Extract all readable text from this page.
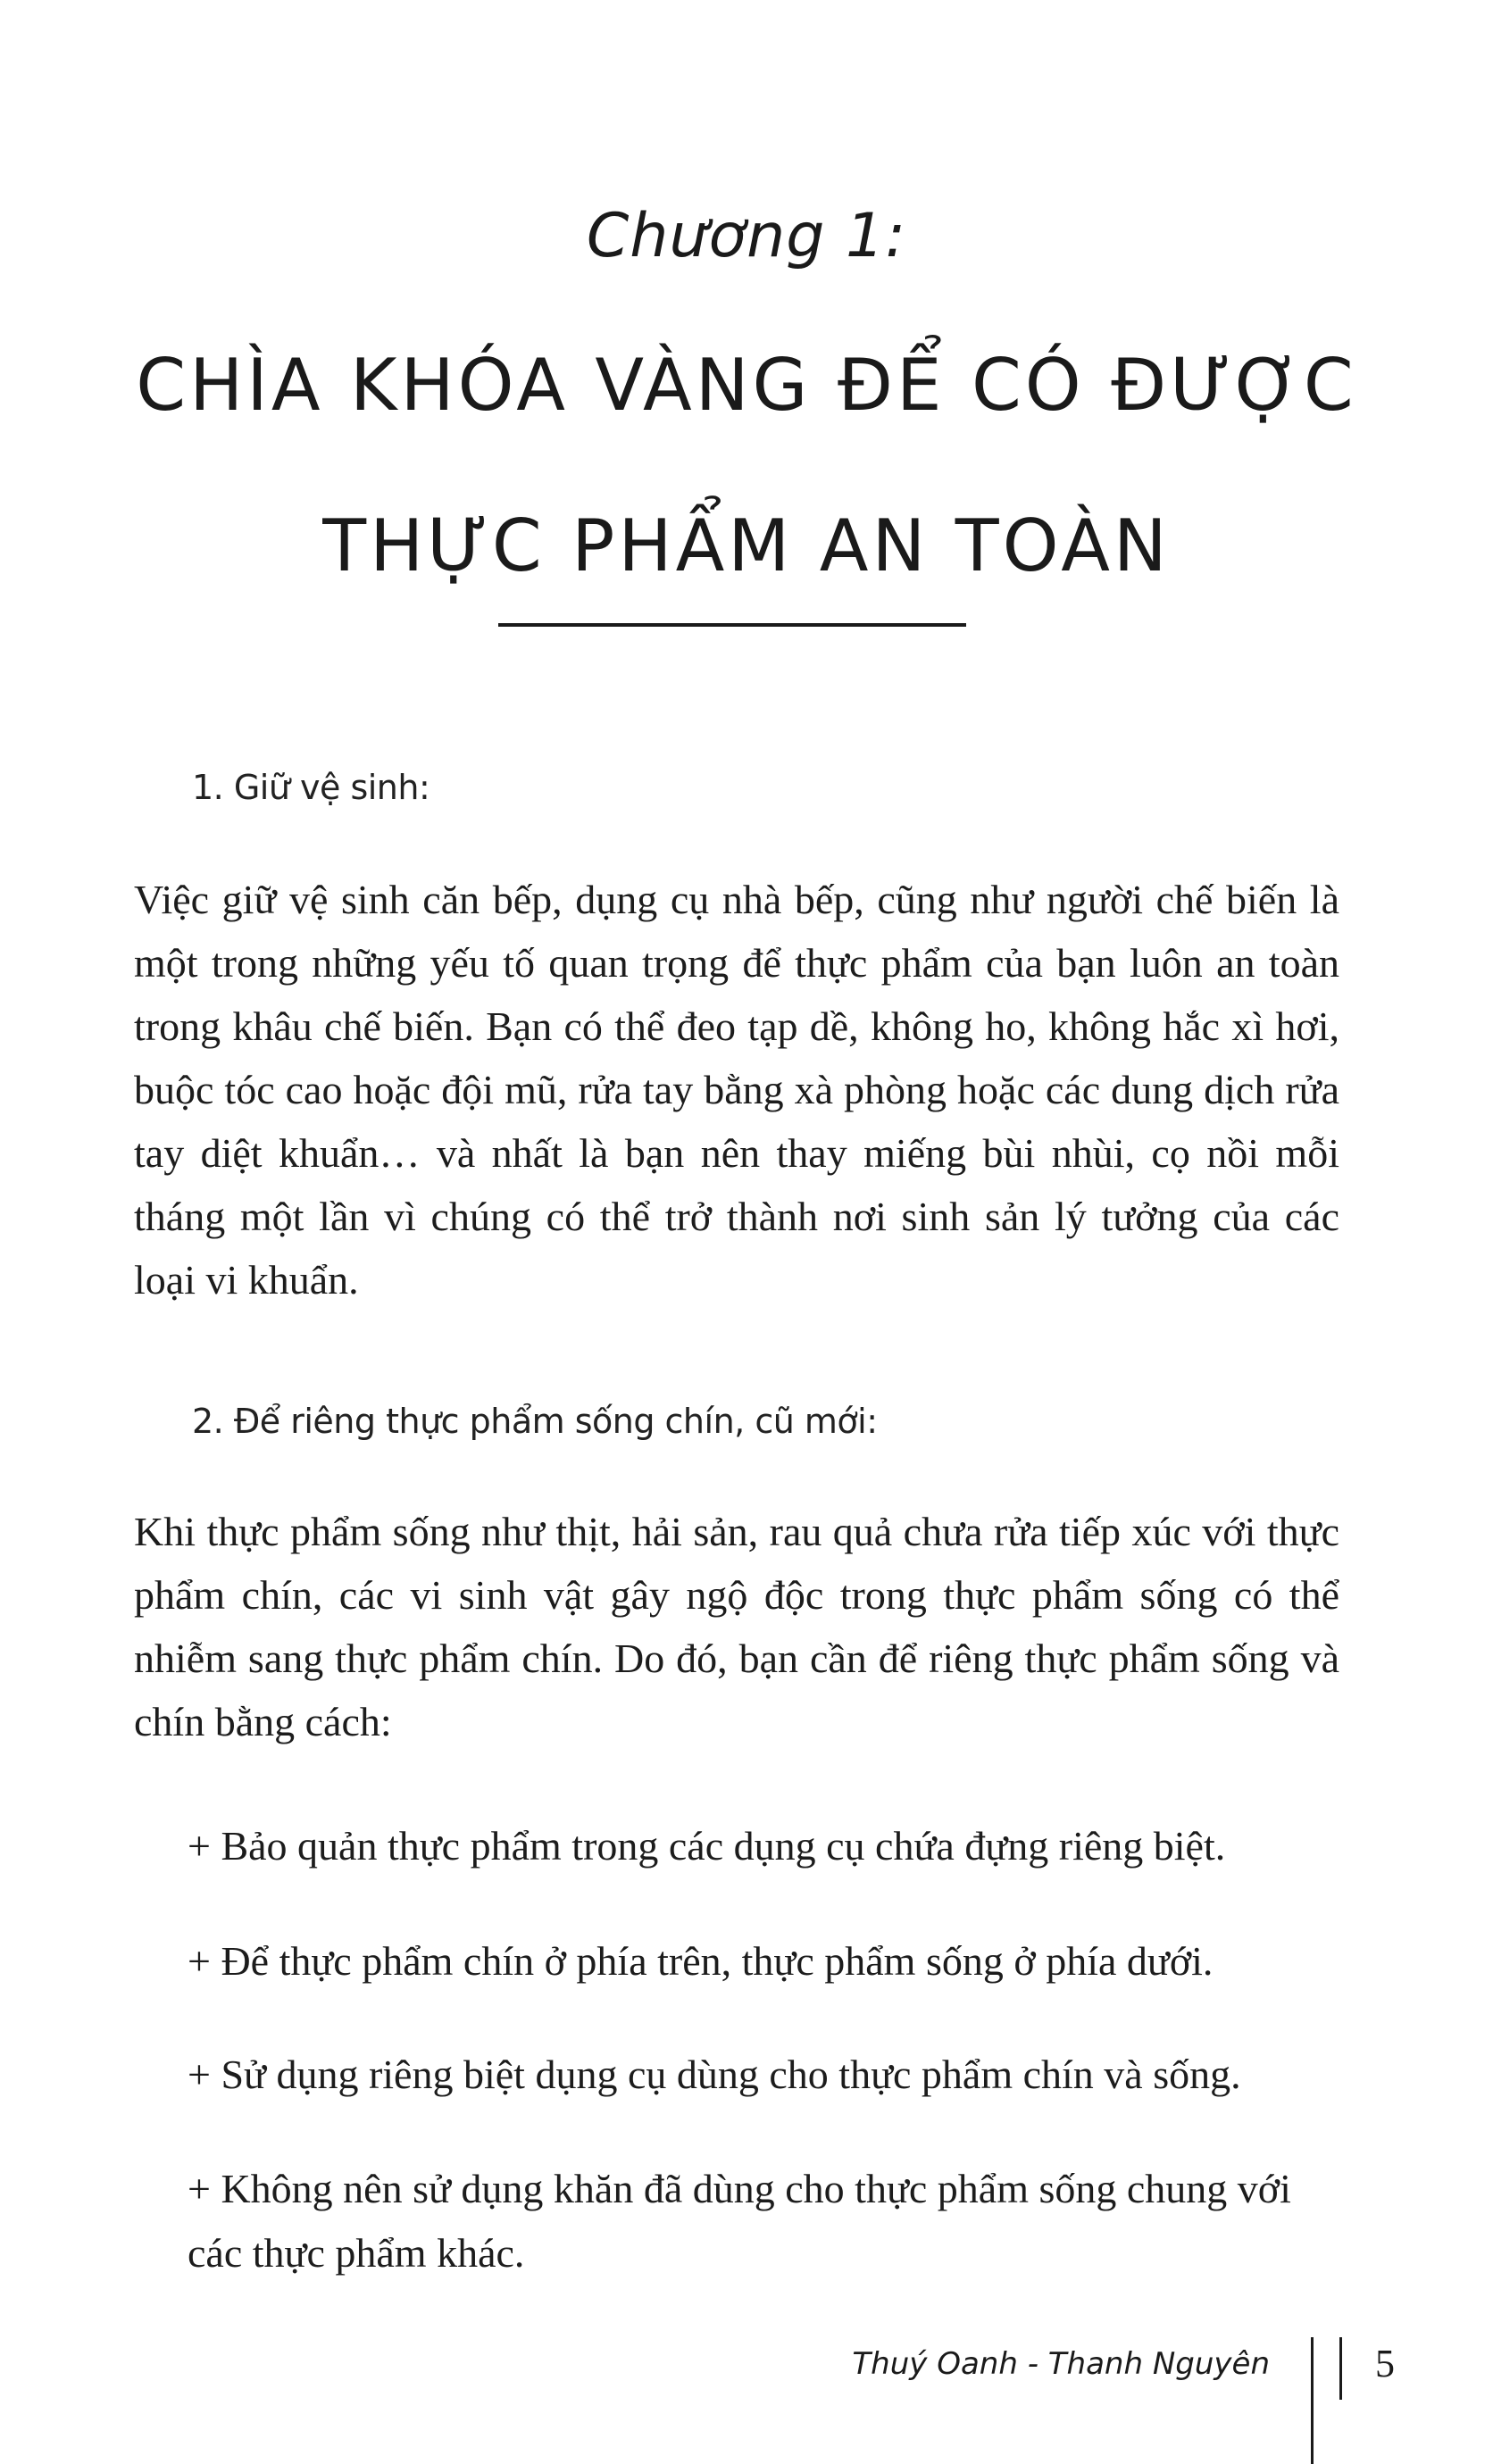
Chương 1:
CHÌA KHÓA VÀNG ĐỂ CÓ ĐƯỢC
THỰC PHẨM AN TOÀN
1. Giữ vệ sinh:

Việc giữ vệ sinh căn bếp, dụng cụ nhà bếp, cũng như người chế biến là một trong những yếu tố quan trọng để thực phẩm của bạn luôn an toàn trong khâu chế biến. Bạn có thể đeo tạp dề, không ho, không hắc xì hơi, buộc tóc cao hoặc đội mũ, rửa tay bằng xà phòng hoặc các dung dịch rửa tay diệt khuẩn… và nhất là bạn nên thay miếng bùi nhùi, cọ nồi mỗi tháng một lần vì chúng có thể trở thành nơi sinh sản lý tưởng của các loại vi khuẩn.

2. Để riêng thực phẩm sống chín, cũ mới:

Khi thực phẩm sống như thịt, hải sản, rau quả chưa rửa tiếp xúc với thực phẩm chín, các vi sinh vật gây ngộ độc trong thực phẩm sống có thể nhiễm sang thực phẩm chín. Do đó, bạn cần để riêng thực phẩm sống và chín bằng cách:

+ Bảo quản thực phẩm trong các dụng cụ chứa đựng riêng biệt.

+ Để thực phẩm chín ở phía trên, thực phẩm sống ở phía dưới.

+ Sử dụng riêng biệt dụng cụ dùng cho thực phẩm chín và sống.

+ Không nên sử dụng khăn đã dùng cho thực phẩm sống chung với các thực phẩm khác.

Thuý Oanh - Thanh Nguyên	5
